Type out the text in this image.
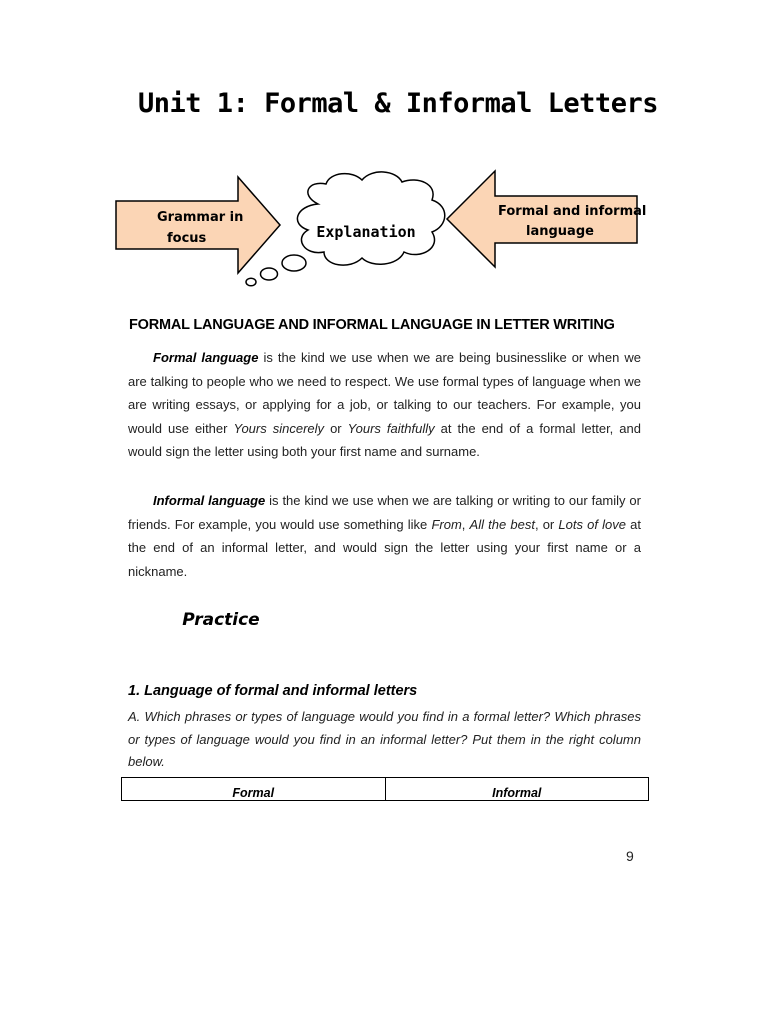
Unit 1: Formal & Informal Letters
Grammar in
focus
Formal and informal
language
Explanation
FORMAL LANGUAGE AND INFORMAL LANGUAGE IN LETTER WRITING
Formal language is the kind we use when we are being businesslike or when we are talking to people who we need to respect. We use formal types of language when we are writing essays, or applying for a job, or talking to our teachers. For example, you would use either Yours sincerely or Yours faithfully at the end of a formal letter, and would sign the letter using both your first name and surname.
Informal language is the kind we use when we are talking or writing to our family or friends. For example, you would use something like From, All the best, or Lots of love at the end of an informal letter, and would sign the letter using your first name or a nickname.
Practice
1. Language of formal and informal letters
A. Which phrases or types of language would you find in a formal letter? Which phrases or types of language would you find in an informal letter? Put them in the right column below.
Formal	Informal
9
